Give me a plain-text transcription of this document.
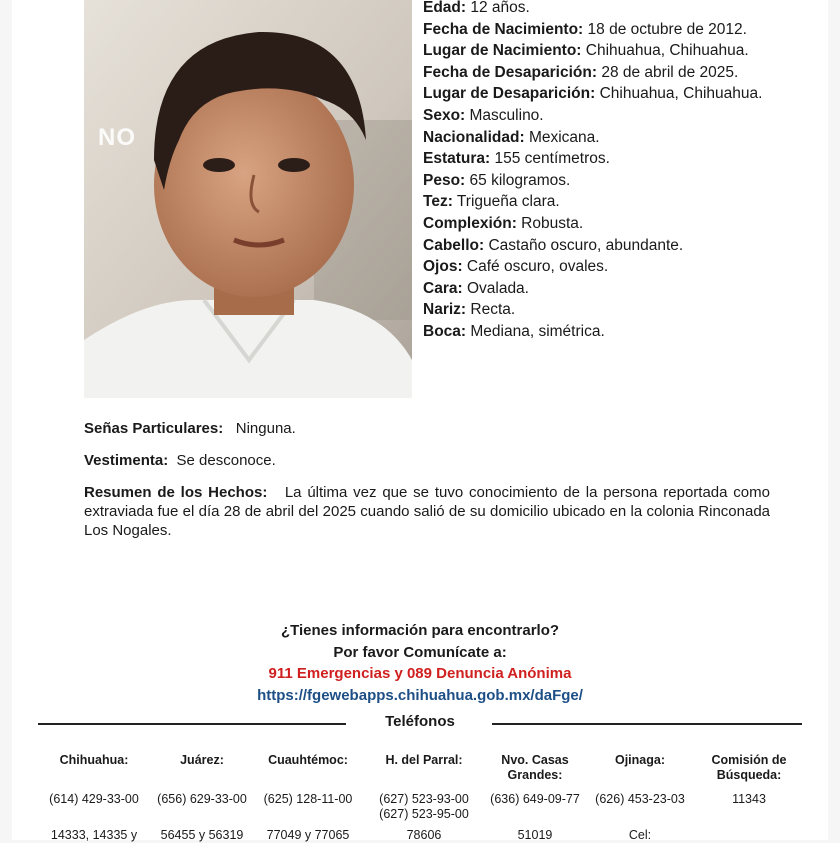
NO
Edad: 12 años.
Fecha de Nacimiento: 18 de octubre de 2012.
Lugar de Nacimiento: Chihuahua, Chihuahua.
Fecha de Desaparición: 28 de abril de 2025.
Lugar de Desaparición: Chihuahua, Chihuahua.
Sexo: Masculino.
Nacionalidad: Mexicana.
Estatura: 155 centímetros.
Peso: 65 kilogramos.
Tez: Trigueña clara.
Complexión: Robusta.
Cabello: Castaño oscuro, abundante.
Ojos: Café oscuro, ovales.
Cara: Ovalada.
Nariz: Recta.
Boca: Mediana, simétrica.
Señas Particulares: Ninguna.
Vestimenta: Se desconoce.
Resumen de los Hechos: La última vez que se tuvo conocimiento de la persona reportada como extraviada fue el día 28 de abril del 2025 cuando salió de su domicilio ubicado en la colonia Rinconada Los Nogales.
¿Tienes información para encontrarlo?
Por favor Comunícate a:
911 Emergencias y 089 Denuncia Anónima
https://fgewebapps.chihuahua.gob.mx/daFge/
Teléfonos
Chihuahua:
(614) 429-33-00
14333, 14335 y
Juárez:
(656) 629-33-00
56455 y 56319
Cuauhtémoc:
(625) 128-11-00
77049 y 77065
H. del Parral:
(627) 523-93-00
(627) 523-95-00
78606
Nvo. Casas Grandes:
(636) 649-09-77
51019
Ojinaga:
(626) 453-23-03
Cel:
Comisión de Búsqueda:
11343
